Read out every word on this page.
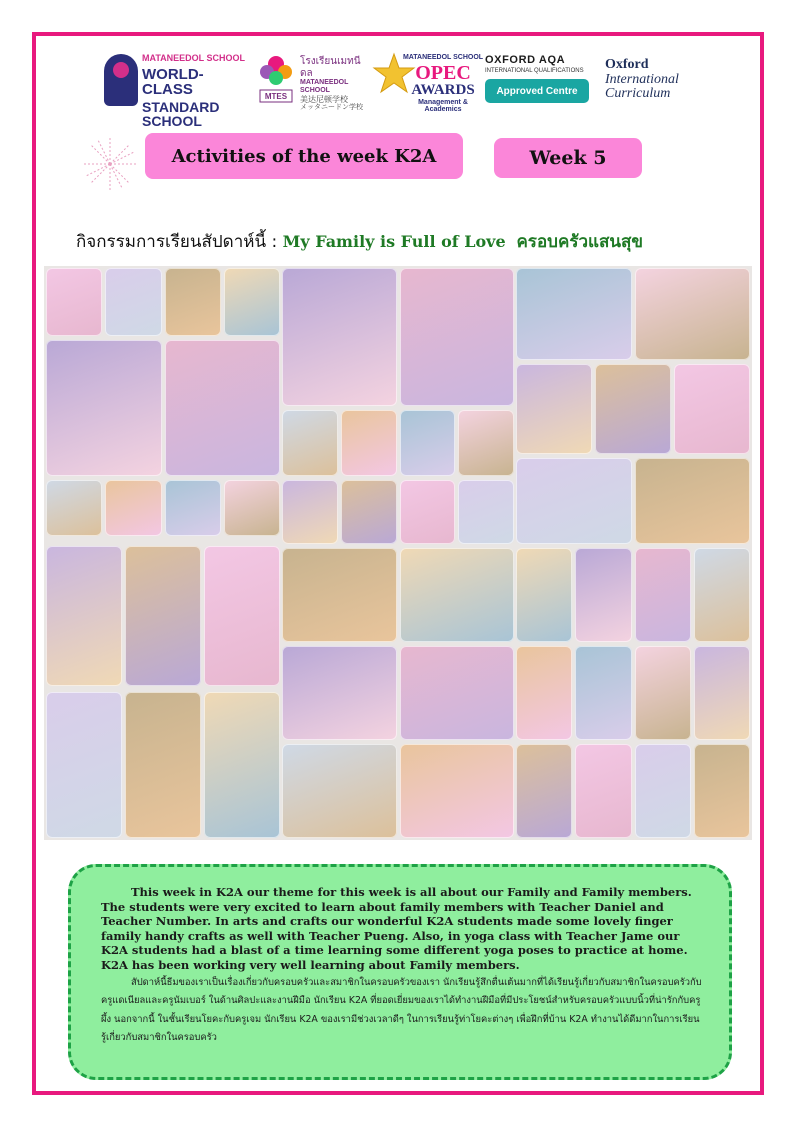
MATANEEDOL SCHOOL
WORLD-CLASS
STANDARD SCHOOL
MTES
โรงเรียนเมทนีดล
MATANEEDOL SCHOOL
美达尼顿学校
メッタニードン学校
MATANEEDOL SCHOOL
OPEC
AWARDS
Management & Academics
OXFORD AQA
INTERNATIONAL QUALIFICATIONS
Approved Centre
Oxford
International
Curriculum
Activities of the week K2A	Week 5
กิจกรรมการเรียนสัปดาห์นี้ : My Family is Full of Love ครอบครัวแสนสุข

This week in K2A our theme for this week is all about our Family and Family members. The students were very excited to learn about family members with Teacher Daniel and Teacher Number. In arts and crafts our wonderful K2A students made some lovely finger family handy crafts as well with Teacher Pueng. Also, in yoga class with Teacher Jame our K2A students had a blast of a time learning some different yoga poses to practice at home. K2A has been working very well learning about Family members.

สัปดาห์นี้ธีมของเราเป็นเรื่องเกี่ยวกับครอบครัวและสมาชิกในครอบครัวของเรา นักเรียนรู้สึกตื่นเต้นมากที่ได้เรียนรู้เกี่ยวกับสมาชิกในครอบครัวกับครูแดเนียลและครูนัมเบอร์ ในด้านศิลปะและงานฝีมือ นักเรียน K2A ที่ยอดเยี่ยมของเราได้ทำงานฝีมือที่มีประโยชน์สำหรับครอบครัวแบบนิ้วที่น่ารักกับครูผึ้ง นอกจากนี้ ในชั้นเรียนโยคะกับครูเจม นักเรียน K2A ของเรามีช่วงเวลาดีๆ ในการเรียนรู้ท่าโยคะต่างๆ เพื่อฝึกที่บ้าน K2A ทำงานได้ดีมากในการเรียนรู้เกี่ยวกับสมาชิกในครอบครัว
